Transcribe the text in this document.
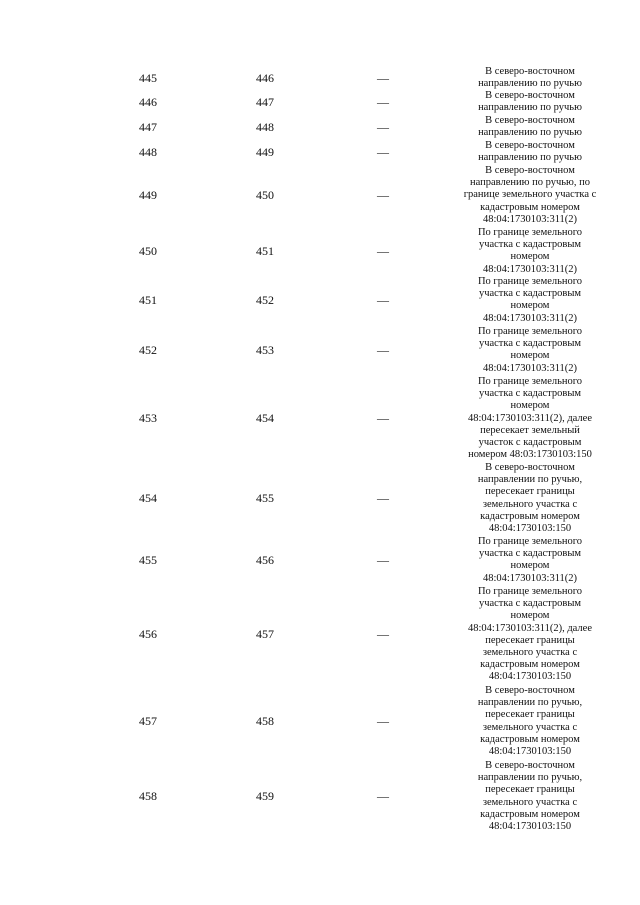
445	446	—	В северо-восточном
направлению по ручью
446	447	—	В северо-восточном
направлению по ручью
447	448	—	В северо-восточном
направлению по ручью
448	449	—	В северо-восточном
направлению по ручью
449	450	—
В северо-восточном
направлению по ручью, по
границе земельного участка с
кадастровым номером
48:04:1730103:311(2)
450	451	—
По границе земельного
участка с кадастровым
номером
48:04:1730103:311(2)
451	452	—
По границе земельного
участка с кадастровым
номером
48:04:1730103:311(2)
452	453	—
По границе земельного
участка с кадастровым
номером
48:04:1730103:311(2)
453	454	—
По границе земельного
участка с кадастровым
номером
48:04:1730103:311(2), далее
пересекает земельный
участок с кадастровым
номером 48:03:1730103:150
454	455	—
В северо-восточном
направлении по ручью,
пересекает границы
земельного участка с
кадастровым номером
48:04:1730103:150
455	456	—
По границе земельного
участка с кадастровым
номером
48:04:1730103:311(2)
456	457	—
По границе земельного
участка с кадастровым
номером
48:04:1730103:311(2), далее
пересекает границы
земельного участка с
кадастровым номером
48:04:1730103:150
457	458	—
В северо-восточном
направлении по ручью,
пересекает границы
земельного участка с
кадастровым номером
48:04:1730103:150
458	459	—
В северо-восточном
направлении по ручью,
пересекает границы
земельного участка с
кадастровым номером
48:04:1730103:150
